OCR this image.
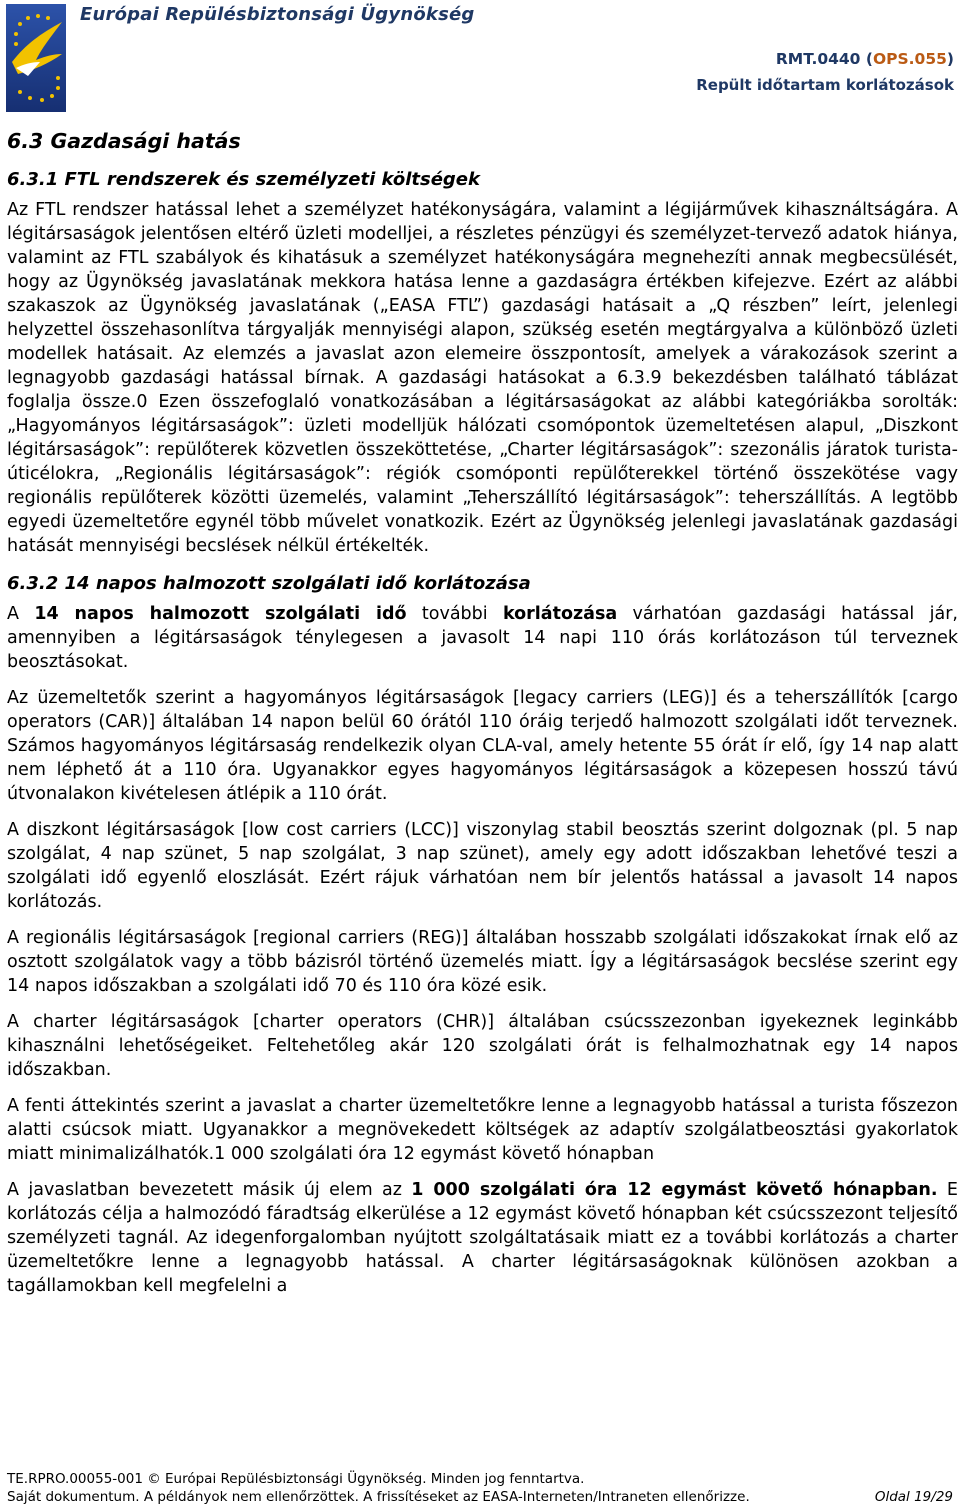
Európai Repülésbiztonsági Ügynökség
RMT.0440 (OPS.055)
Repült időtartam korlátozások
6.3 Gazdasági hatás
6.3.1 FTL rendszerek és személyzeti költségek

Az FTL rendszer hatással lehet a személyzet hatékonyságára, valamint a légijárművek kihasználtságára. A légitársaságok jelentősen eltérő üzleti modelljei, a részletes pénzügyi és személyzet-tervező adatok hiánya, valamint az FTL szabályok és kihatásuk a személyzet hatékonyságára megnehezíti annak megbecsülését, hogy az Ügynökség javaslatának mekkora hatása lenne a gazdaságra értékben kifejezve. Ezért az alábbi szakaszok az Ügynökség javaslatának („EASA FTL”) gazdasági hatásait a „Q részben” leírt, jelenlegi helyzettel összehasonlítva tárgyalják mennyiségi alapon, szükség esetén megtárgyalva a különböző üzleti modellek hatásait. Az elemzés a javaslat azon elemeire összpontosít, amelyek a várakozások szerint a legnagyobb gazdasági hatással bírnak. A gazdasági hatásokat a 6.3.9 bekezdésben található táblázat foglalja össze.0 Ezen összefoglaló vonatkozásában a légitársaságokat az alábbi kategóriákba sorolták: „Hagyományos légitársaságok”: üzleti modelljük hálózati csomópontok üzemeltetésen alapul, „Diszkont légitársaságok”: repülőterek közvetlen összeköttetése, „Charter légitársaságok”: szezonális járatok turista-úticélokra, „Regionális légitársaságok”: régiók csomóponti repülőterekkel történő összekötése vagy regionális repülőterek közötti üzemelés, valamint „Teherszállító légitársaságok”: teherszállítás. A legtöbb egyedi üzemeltetőre egynél több művelet vonatkozik. Ezért az Ügynökség jelenlegi javaslatának gazdasági hatását mennyiségi becslések nélkül értékelték.

6.3.2 14 napos halmozott szolgálati idő korlátozása

A 14 napos halmozott szolgálati idő további korlátozása várhatóan gazdasági hatással jár, amennyiben a légitársaságok ténylegesen a javasolt 14 napi 110 órás korlátozáson túl terveznek beosztásokat.

Az üzemeltetők szerint a hagyományos légitársaságok [legacy carriers (LEG)] és a teherszállítók [cargo operators (CAR)] általában 14 napon belül 60 órától 110 óráig terjedő halmozott szolgálati időt terveznek. Számos hagyományos légitársaság rendelkezik olyan CLA-val, amely hetente 55 órát ír elő, így 14 nap alatt nem léphető át a 110 óra. Ugyanakkor egyes hagyományos légitársaságok a közepesen hosszú távú útvonalakon kivételesen átlépik a 110 órát.

A diszkont légitársaságok [low cost carriers (LCC)] viszonylag stabil beosztás szerint dolgoznak (pl. 5 nap szolgálat, 4 nap szünet, 5 nap szolgálat, 3 nap szünet), amely egy adott időszakban lehetővé teszi a szolgálati idő egyenlő eloszlását. Ezért rájuk várhatóan nem bír jelentős hatással a javasolt 14 napos korlátozás.

A regionális légitársaságok [regional carriers (REG)] általában hosszabb szolgálati időszakokat írnak elő az osztott szolgálatok vagy a több bázisról történő üzemelés miatt. Így a légitársaságok becslése szerint egy 14 napos időszakban a szolgálati idő 70 és 110 óra közé esik.

A charter légitársaságok [charter operators (CHR)] általában csúcsszezonban igyekeznek leginkább kihasználni lehetőségeiket. Feltehetőleg akár 120 szolgálati órát is felhalmozhatnak egy 14 napos időszakban.

A fenti áttekintés szerint a javaslat a charter üzemeltetőkre lenne a legnagyobb hatással a turista főszezon alatti csúcsok miatt. Ugyanakkor a megnövekedett költségek az adaptív szolgálatbeosztási gyakorlatok miatt minimalizálhatók.1 000 szolgálati óra 12 egymást követő hónapban

A javaslatban bevezetett másik új elem az 1 000 szolgálati óra 12 egymást követő hónapban. E korlátozás célja a halmozódó fáradtság elkerülése a 12 egymást követő hónapban két csúcsszezont teljesítő személyzeti tagnál. Az idegenforgalomban nyújtott szolgáltatásaik miatt ez a további korlátozás a charter üzemeltetőkre lenne a legnagyobb hatással. A charter légitársaságoknak különösen azokban a tagállamokban kell megfelelni a

TE.RPRO.00055-001 © Európai Repülésbiztonsági Ügynökség. Minden jog fenntartva.
Saját dokumentum. A példányok nem ellenőrzöttek. A frissítéseket az EASA-Interneten/Intraneten ellenőrizze.	Oldal 19/29
